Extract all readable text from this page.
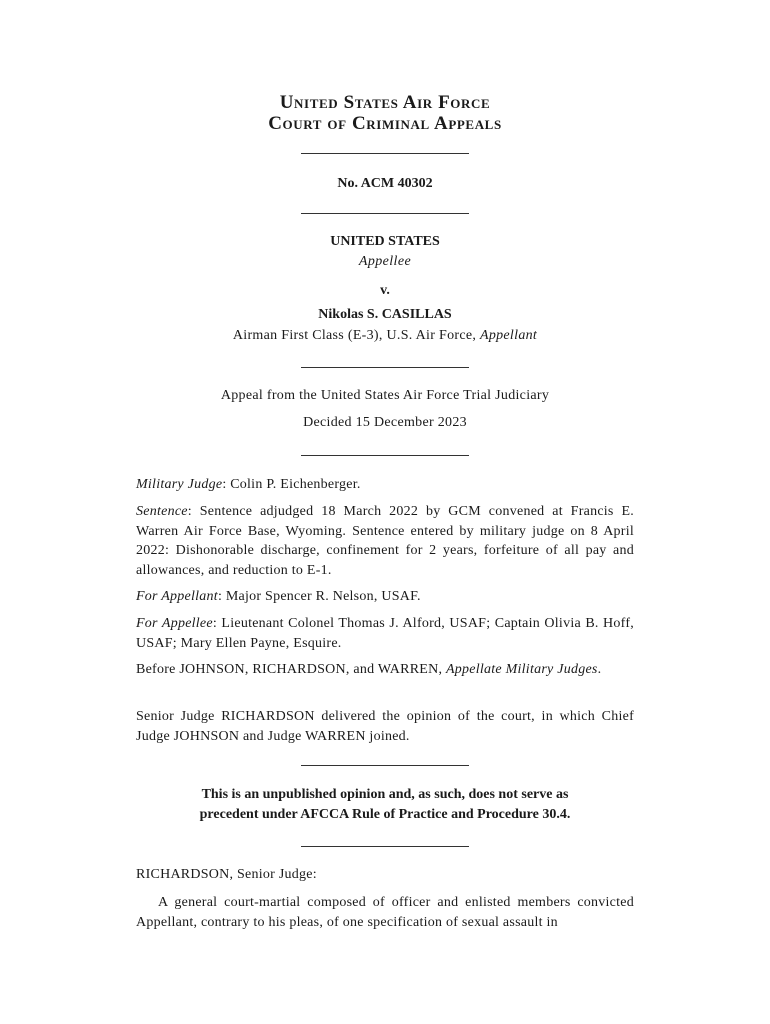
United States Air Force
Court of Criminal Appeals
No. ACM 40302
UNITED STATES
Appellee
v.
Nikolas S. CASILLAS
Airman First Class (E-3), U.S. Air Force, Appellant
Appeal from the United States Air Force Trial Judiciary
Decided 15 December 2023
Military Judge: Colin P. Eichenberger.
Sentence: Sentence adjudged 18 March 2022 by GCM convened at Francis E. Warren Air Force Base, Wyoming. Sentence entered by military judge on 8 April 2022: Dishonorable discharge, confinement for 2 years, forfeiture of all pay and allowances, and reduction to E-1.
For Appellant: Major Spencer R. Nelson, USAF.
For Appellee: Lieutenant Colonel Thomas J. Alford, USAF; Captain Olivia B. Hoff, USAF; Mary Ellen Payne, Esquire.
Before JOHNSON, RICHARDSON, and WARREN, Appellate Military Judges.
Senior Judge RICHARDSON delivered the opinion of the court, in which Chief Judge JOHNSON and Judge WARREN joined.
This is an unpublished opinion and, as such, does not serve as
precedent under AFCCA Rule of Practice and Procedure 30.4.
RICHARDSON, Senior Judge:
A general court-martial composed of officer and enlisted members convicted Appellant, contrary to his pleas, of one specification of sexual assault in
